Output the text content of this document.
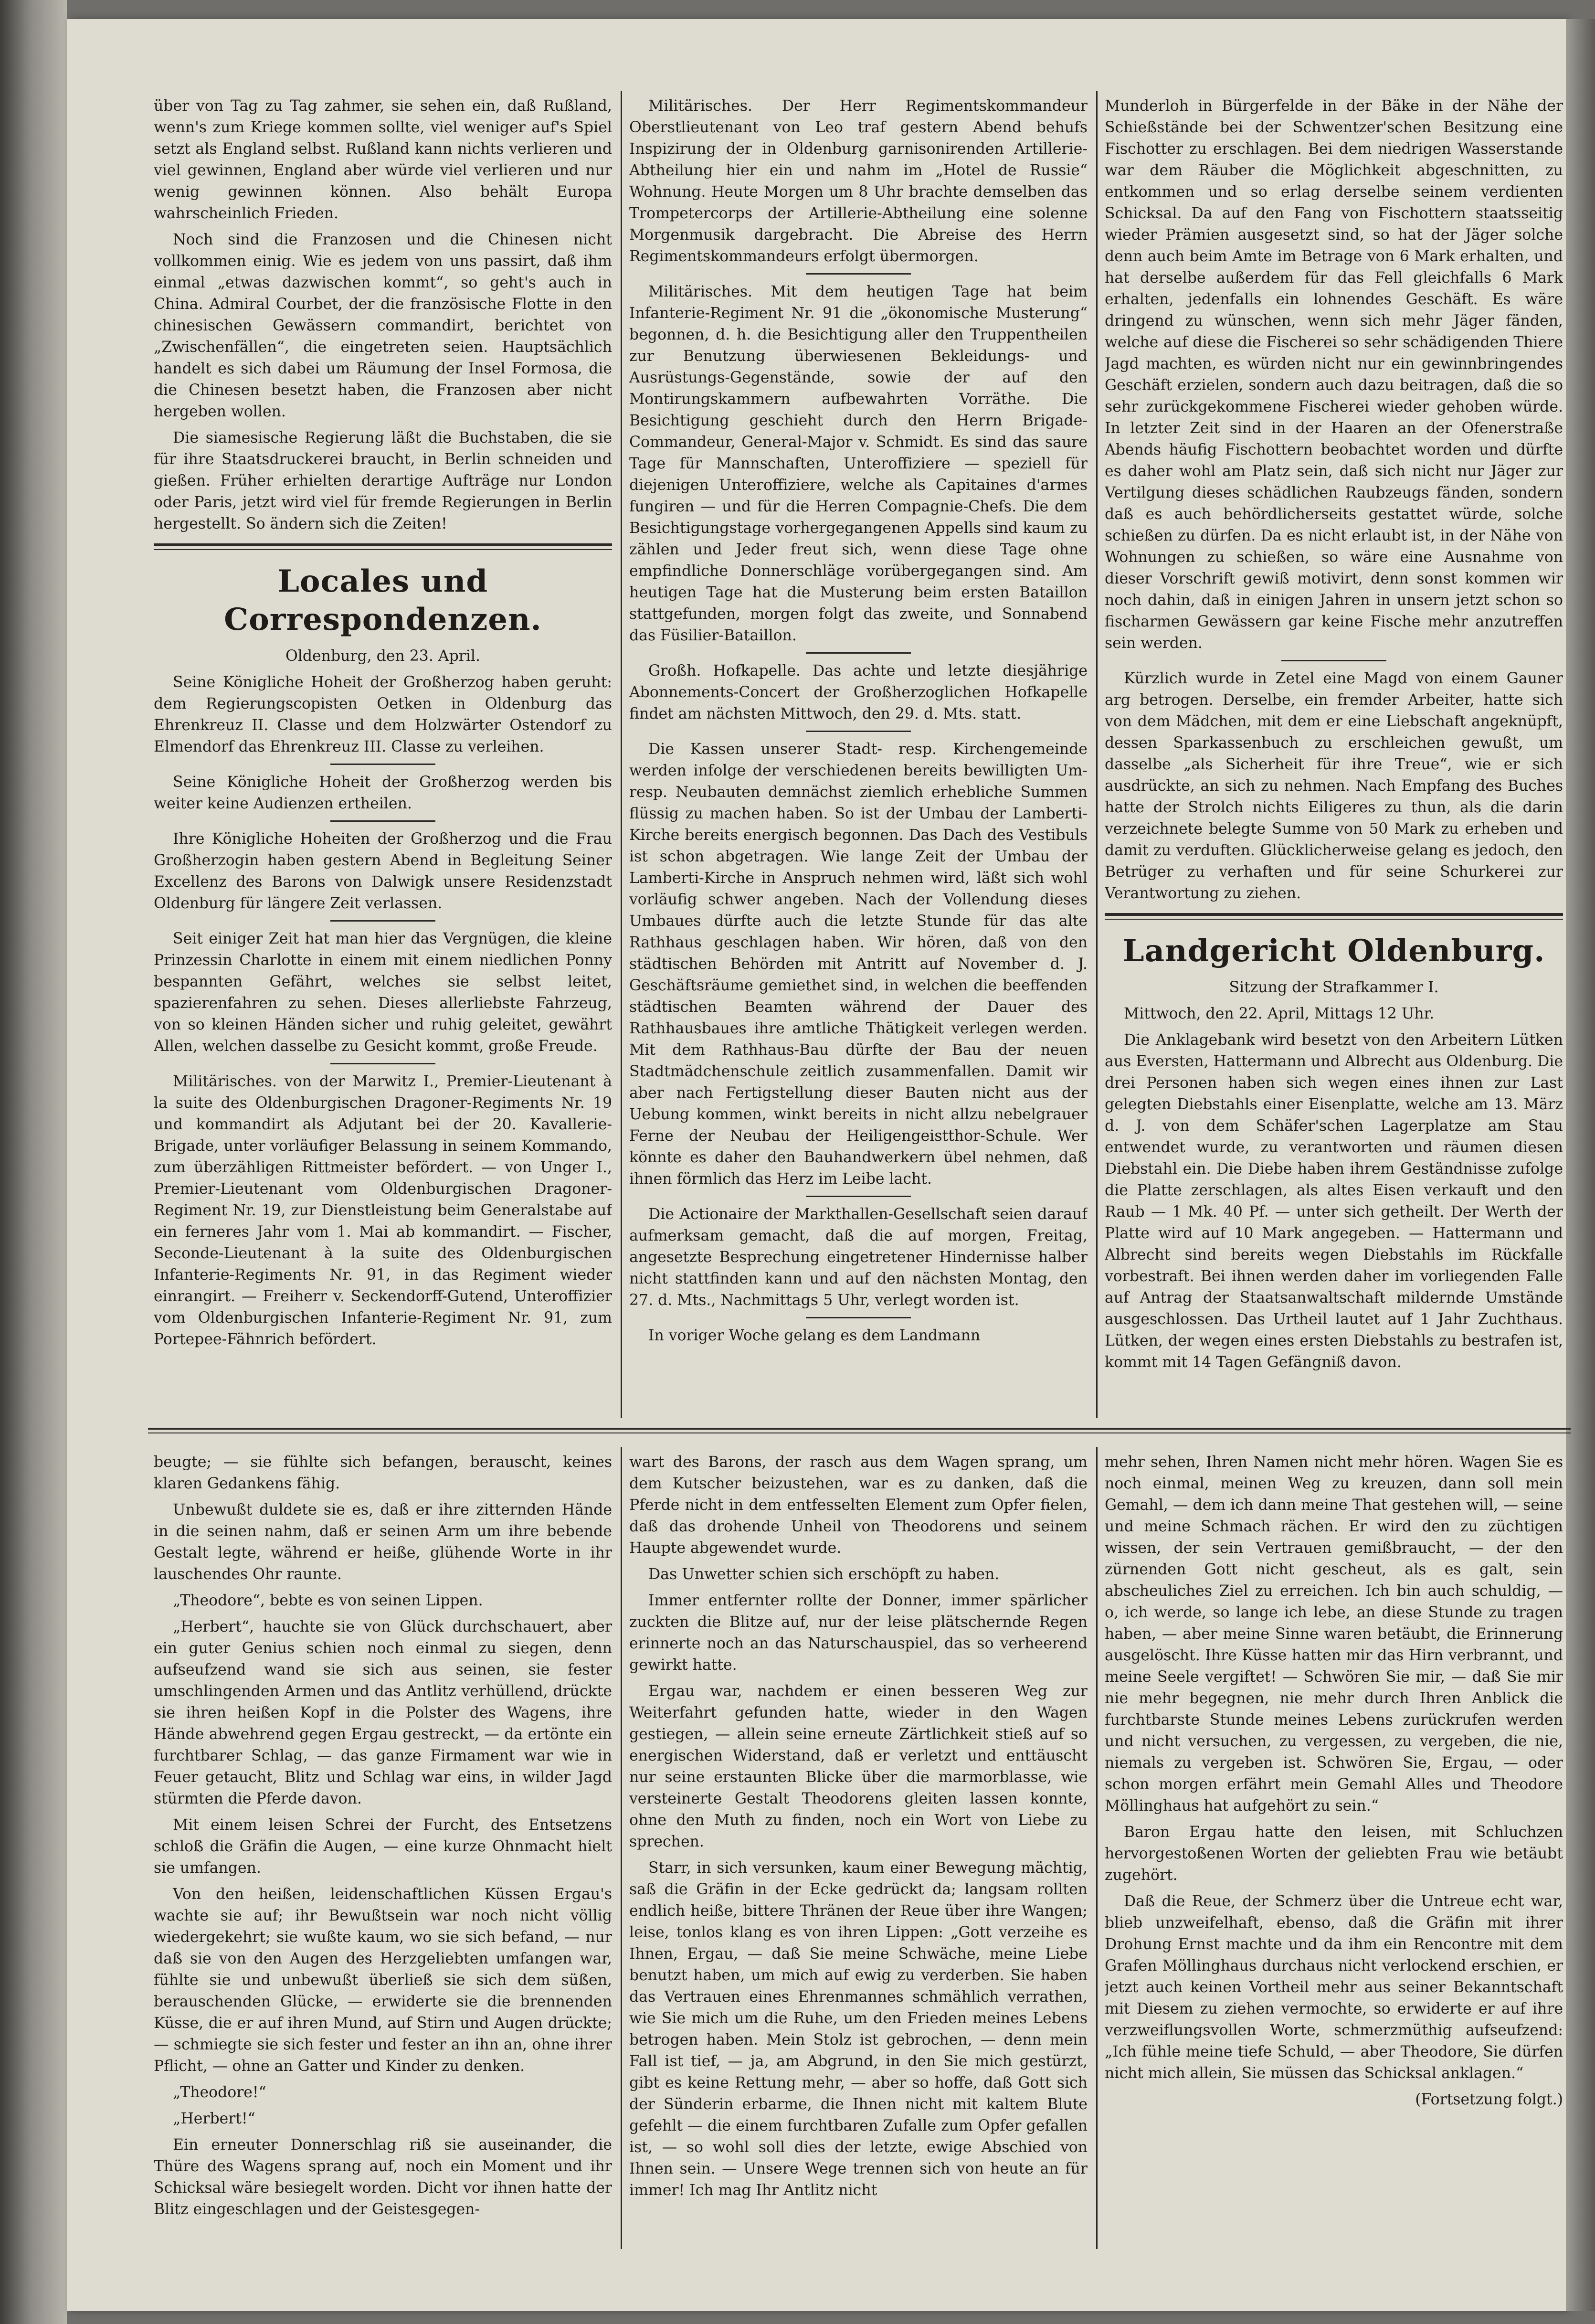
über von Tag zu Tag zahmer, sie sehen ein, daß Rußland, wenn's zum Kriege kommen sollte, viel weniger auf's Spiel setzt als England selbst. Rußland kann nichts verlieren und viel gewinnen, England aber würde viel verlieren und nur wenig gewinnen können. Also behält Europa wahrscheinlich Frieden.

Noch sind die Franzosen und die Chinesen nicht vollkommen einig. Wie es jedem von uns passirt, daß ihm einmal „etwas dazwischen kommt“, so geht's auch in China. Admiral Courbet, der die französische Flotte in den chinesischen Gewässern commandirt, berichtet von „Zwischenfällen“, die eingetreten seien. Hauptsächlich handelt es sich dabei um Räumung der Insel Formosa, die die Chinesen besetzt haben, die Franzosen aber nicht hergeben wollen.

Die siamesische Regierung läßt die Buchstaben, die sie für ihre Staatsdruckerei braucht, in Berlin schneiden und gießen. Früher erhielten derartige Aufträge nur London oder Paris, jetzt wird viel für fremde Regierungen in Berlin hergestellt. So ändern sich die Zeiten!

Locales und Correspondenzen.

Oldenburg, den 23. April.

Seine Königliche Hoheit der Großherzog haben geruht: dem Regierungscopisten Oetken in Oldenburg das Ehrenkreuz II. Classe und dem Holzwärter Ostendorf zu Elmendorf das Ehrenkreuz III. Classe zu verleihen.

Seine Königliche Hoheit der Großherzog werden bis weiter keine Audienzen ertheilen.

Ihre Königliche Hoheiten der Großherzog und die Frau Großherzogin haben gestern Abend in Begleitung Seiner Excellenz des Barons von Dalwigk unsere Residenzstadt Oldenburg für längere Zeit verlassen.

Seit einiger Zeit hat man hier das Vergnügen, die kleine Prinzessin Charlotte in einem mit einem niedlichen Ponny bespannten Gefährt, welches sie selbst leitet, spazierenfahren zu sehen. Dieses allerliebste Fahrzeug, von so kleinen Händen sicher und ruhig geleitet, gewährt Allen, welchen dasselbe zu Gesicht kommt, große Freude.

Militärisches. von der Marwitz I., Premier-Lieutenant à la suite des Oldenburgischen Dragoner-Regiments Nr. 19 und kommandirt als Adjutant bei der 20. Kavallerie-Brigade, unter vorläufiger Belassung in seinem Kommando, zum überzähligen Rittmeister befördert. — von Unger I., Premier-Lieutenant vom Oldenburgischen Dragoner-Regiment Nr. 19, zur Dienstleistung beim Generalstabe auf ein ferneres Jahr vom 1. Mai ab kommandirt. — Fischer, Seconde-Lieutenant à la suite des Oldenburgischen Infanterie-Regiments Nr. 91, in das Regiment wieder einrangirt. — Freiherr v. Seckendorff-Gutend, Unteroffizier vom Oldenburgischen Infanterie-Regiment Nr. 91, zum Portepee-Fähnrich befördert.

Militärisches. Der Herr Regimentskommandeur Oberstlieutenant von Leo traf gestern Abend behufs Inspizirung der in Oldenburg garnisonirenden Artillerie-Abtheilung hier ein und nahm im „Hotel de Russie“ Wohnung. Heute Morgen um 8 Uhr brachte demselben das Trompetercorps der Artillerie-Abtheilung eine solenne Morgenmusik dargebracht. Die Abreise des Herrn Regimentskommandeurs erfolgt übermorgen.

Militärisches. Mit dem heutigen Tage hat beim Infanterie-Regiment Nr. 91 die „ökonomische Musterung“ begonnen, d. h. die Besichtigung aller den Truppentheilen zur Benutzung überwiesenen Bekleidungs- und Ausrüstungs-Gegenstände, sowie der auf den Montirungskammern aufbewahrten Vorräthe. Die Besichtigung geschieht durch den Herrn Brigade-Commandeur, General-Major v. Schmidt. Es sind das saure Tage für Mannschaften, Unteroffiziere — speziell für diejenigen Unteroffiziere, welche als Capitaines d'armes fungiren — und für die Herren Compagnie-Chefs. Die dem Besichtigungstage vorhergegangenen Appells sind kaum zu zählen und Jeder freut sich, wenn diese Tage ohne empfindliche Donnerschläge vorübergegangen sind. Am heutigen Tage hat die Musterung beim ersten Bataillon stattgefunden, morgen folgt das zweite, und Sonnabend das Füsilier-Bataillon.

Großh. Hofkapelle. Das achte und letzte diesjährige Abonnements-Concert der Großherzoglichen Hofkapelle findet am nächsten Mittwoch, den 29. d. Mts. statt.

Die Kassen unserer Stadt- resp. Kirchengemeinde werden infolge der verschiedenen bereits bewilligten Um- resp. Neubauten demnächst ziemlich erhebliche Summen flüssig zu machen haben. So ist der Umbau der Lamberti-Kirche bereits energisch begonnen. Das Dach des Vestibuls ist schon abgetragen. Wie lange Zeit der Umbau der Lamberti-Kirche in Anspruch nehmen wird, läßt sich wohl vorläufig schwer angeben. Nach der Vollendung dieses Umbaues dürfte auch die letzte Stunde für das alte Rathhaus geschlagen haben. Wir hören, daß von den städtischen Behörden mit Antritt auf November d. J. Geschäftsräume gemiethet sind, in welchen die beeffenden städtischen Beamten während der Dauer des Rathhausbaues ihre amtliche Thätigkeit verlegen werden. Mit dem Rathhaus-Bau dürfte der Bau der neuen Stadtmädchenschule zeitlich zusammenfallen. Damit wir aber nach Fertigstellung dieser Bauten nicht aus der Uebung kommen, winkt bereits in nicht allzu nebelgrauer Ferne der Neubau der Heiligengeistthor-Schule. Wer könnte es daher den Bauhandwerkern übel nehmen, daß ihnen förmlich das Herz im Leibe lacht.

Die Actionaire der Markthallen-Gesellschaft seien darauf aufmerksam gemacht, daß die auf morgen, Freitag, angesetzte Besprechung eingetretener Hindernisse halber nicht stattfinden kann und auf den nächsten Montag, den 27. d. Mts., Nachmittags 5 Uhr, verlegt worden ist.

In voriger Woche gelang es dem Landmann

Munderloh in Bürgerfelde in der Bäke in der Nähe der Schießstände bei der Schwentzer'schen Besitzung eine Fischotter zu erschlagen. Bei dem niedrigen Wasserstande war dem Räuber die Möglichkeit abgeschnitten, zu entkommen und so erlag derselbe seinem verdienten Schicksal. Da auf den Fang von Fischottern staatsseitig wieder Prämien ausgesetzt sind, so hat der Jäger solche denn auch beim Amte im Betrage von 6 Mark erhalten, und hat derselbe außerdem für das Fell gleichfalls 6 Mark erhalten, jedenfalls ein lohnendes Geschäft. Es wäre dringend zu wünschen, wenn sich mehr Jäger fänden, welche auf diese die Fischerei so sehr schädigenden Thiere Jagd machten, es würden nicht nur ein gewinnbringendes Geschäft erzielen, sondern auch dazu beitragen, daß die so sehr zurückgekommene Fischerei wieder gehoben würde. In letzter Zeit sind in der Haaren an der Ofenerstraße Abends häufig Fischottern beobachtet worden und dürfte es daher wohl am Platz sein, daß sich nicht nur Jäger zur Vertilgung dieses schädlichen Raubzeugs fänden, sondern daß es auch behördlicherseits gestattet würde, solche schießen zu dürfen. Da es nicht erlaubt ist, in der Nähe von Wohnungen zu schießen, so wäre eine Ausnahme von dieser Vorschrift gewiß motivirt, denn sonst kommen wir noch dahin, daß in einigen Jahren in unsern jetzt schon so fischarmen Gewässern gar keine Fische mehr anzutreffen sein werden.

Kürzlich wurde in Zetel eine Magd von einem Gauner arg betrogen. Derselbe, ein fremder Arbeiter, hatte sich von dem Mädchen, mit dem er eine Liebschaft angeknüpft, dessen Sparkassenbuch zu erschleichen gewußt, um dasselbe „als Sicherheit für ihre Treue“, wie er sich ausdrückte, an sich zu nehmen. Nach Empfang des Buches hatte der Strolch nichts Eiligeres zu thun, als die darin verzeichnete belegte Summe von 50 Mark zu erheben und damit zu verduften. Glücklicherweise gelang es jedoch, den Betrüger zu verhaften und für seine Schurkerei zur Verantwortung zu ziehen.

Landgericht Oldenburg.

Sitzung der Strafkammer I.

Mittwoch, den 22. April, Mittags 12 Uhr.

Die Anklagebank wird besetzt von den Arbeitern Lütken aus Eversten, Hattermann und Albrecht aus Oldenburg. Die drei Personen haben sich wegen eines ihnen zur Last gelegten Diebstahls einer Eisenplatte, welche am 13. März d. J. von dem Schäfer'schen Lagerplatze am Stau entwendet wurde, zu verantworten und räumen diesen Diebstahl ein. Die Diebe haben ihrem Geständnisse zufolge die Platte zerschlagen, als altes Eisen verkauft und den Raub — 1 Mk. 40 Pf. — unter sich getheilt. Der Werth der Platte wird auf 10 Mark angegeben. — Hattermann und Albrecht sind bereits wegen Diebstahls im Rückfalle vorbestraft. Bei ihnen werden daher im vorliegenden Falle auf Antrag der Staatsanwaltschaft mildernde Umstände ausgeschlossen. Das Urtheil lautet auf 1 Jahr Zuchthaus. Lütken, der wegen eines ersten Diebstahls zu bestrafen ist, kommt mit 14 Tagen Gefängniß davon.

beugte; — sie fühlte sich befangen, berauscht, keines klaren Gedankens fähig.

Unbewußt duldete sie es, daß er ihre zitternden Hände in die seinen nahm, daß er seinen Arm um ihre bebende Gestalt legte, während er heiße, glühende Worte in ihr lauschendes Ohr raunte.

„Theodore“, bebte es von seinen Lippen.

„Herbert“, hauchte sie von Glück durchschauert, aber ein guter Genius schien noch einmal zu siegen, denn aufseufzend wand sie sich aus seinen, sie fester umschlingenden Armen und das Antlitz verhüllend, drückte sie ihren heißen Kopf in die Polster des Wagens, ihre Hände abwehrend gegen Ergau gestreckt, — da ertönte ein furchtbarer Schlag, — das ganze Firmament war wie in Feuer getaucht, Blitz und Schlag war eins, in wilder Jagd stürmten die Pferde davon.

Mit einem leisen Schrei der Furcht, des Entsetzens schloß die Gräfin die Augen, — eine kurze Ohnmacht hielt sie umfangen.

Von den heißen, leidenschaftlichen Küssen Ergau's wachte sie auf; ihr Bewußtsein war noch nicht völlig wiedergekehrt; sie wußte kaum, wo sie sich befand, — nur daß sie von den Augen des Herzgeliebten umfangen war, fühlte sie und unbewußt überließ sie sich dem süßen, berauschenden Glücke, — erwiderte sie die brennenden Küsse, die er auf ihren Mund, auf Stirn und Augen drückte; — schmiegte sie sich fester und fester an ihn an, ohne ihrer Pflicht, — ohne an Gatter und Kinder zu denken.

„Theodore!“

„Herbert!“

Ein erneuter Donnerschlag riß sie auseinander, die Thüre des Wagens sprang auf, noch ein Moment und ihr Schicksal wäre besiegelt worden. Dicht vor ihnen hatte der Blitz eingeschlagen und der Geistesgegen-

wart des Barons, der rasch aus dem Wagen sprang, um dem Kutscher beizustehen, war es zu danken, daß die Pferde nicht in dem entfesselten Element zum Opfer fielen, daß das drohende Unheil von Theodorens und seinem Haupte abgewendet wurde.

Das Unwetter schien sich erschöpft zu haben.

Immer entfernter rollte der Donner, immer spärlicher zuckten die Blitze auf, nur der leise plätschernde Regen erinnerte noch an das Naturschauspiel, das so verheerend gewirkt hatte.

Ergau war, nachdem er einen besseren Weg zur Weiterfahrt gefunden hatte, wieder in den Wagen gestiegen, — allein seine erneute Zärtlichkeit stieß auf so energischen Widerstand, daß er verletzt und enttäuscht nur seine erstaunten Blicke über die marmorblasse, wie versteinerte Gestalt Theodorens gleiten lassen konnte, ohne den Muth zu finden, noch ein Wort von Liebe zu sprechen.

Starr, in sich versunken, kaum einer Bewegung mächtig, saß die Gräfin in der Ecke gedrückt da; langsam rollten endlich heiße, bittere Thränen der Reue über ihre Wangen; leise, tonlos klang es von ihren Lippen: „Gott verzeihe es Ihnen, Ergau, — daß Sie meine Schwäche, meine Liebe benutzt haben, um mich auf ewig zu verderben. Sie haben das Vertrauen eines Ehrenmannes schmählich verrathen, wie Sie mich um die Ruhe, um den Frieden meines Lebens betrogen haben. Mein Stolz ist gebrochen, — denn mein Fall ist tief, — ja, am Abgrund, in den Sie mich gestürzt, gibt es keine Rettung mehr, — aber so hoffe, daß Gott sich der Sünderin erbarme, die Ihnen nicht mit kaltem Blute gefehlt — die einem furchtbaren Zufalle zum Opfer gefallen ist, — so wohl soll dies der letzte, ewige Abschied von Ihnen sein. — Unsere Wege trennen sich von heute an für immer! Ich mag Ihr Antlitz nicht

mehr sehen, Ihren Namen nicht mehr hören. Wagen Sie es noch einmal, meinen Weg zu kreuzen, dann soll mein Gemahl, — dem ich dann meine That gestehen will, — seine und meine Schmach rächen. Er wird den zu züchtigen wissen, der sein Vertrauen gemißbraucht, — der den zürnenden Gott nicht gescheut, als es galt, sein abscheuliches Ziel zu erreichen. Ich bin auch schuldig, — o, ich werde, so lange ich lebe, an diese Stunde zu tragen haben, — aber meine Sinne waren betäubt, die Erinnerung ausgelöscht. Ihre Küsse hatten mir das Hirn verbrannt, und meine Seele vergiftet! — Schwören Sie mir, — daß Sie mir nie mehr begegnen, nie mehr durch Ihren Anblick die furchtbarste Stunde meines Lebens zurückrufen werden und nicht versuchen, zu vergessen, zu vergeben, die nie, niemals zu vergeben ist. Schwören Sie, Ergau, — oder schon morgen erfährt mein Gemahl Alles und Theodore Möllinghaus hat aufgehört zu sein.“

Baron Ergau hatte den leisen, mit Schluchzen hervorgestoßenen Worten der geliebten Frau wie betäubt zugehört.

Daß die Reue, der Schmerz über die Untreue echt war, blieb unzweifelhaft, ebenso, daß die Gräfin mit ihrer Drohung Ernst machte und da ihm ein Rencontre mit dem Grafen Möllinghaus durchaus nicht verlockend erschien, er jetzt auch keinen Vortheil mehr aus seiner Bekanntschaft mit Diesem zu ziehen vermochte, so erwiderte er auf ihre verzweiflungsvollen Worte, schmerzmüthig aufseufzend: „Ich fühle meine tiefe Schuld, — aber Theodore, Sie dürfen nicht mich allein, Sie müssen das Schicksal anklagen.“

(Fortsetzung folgt.)
